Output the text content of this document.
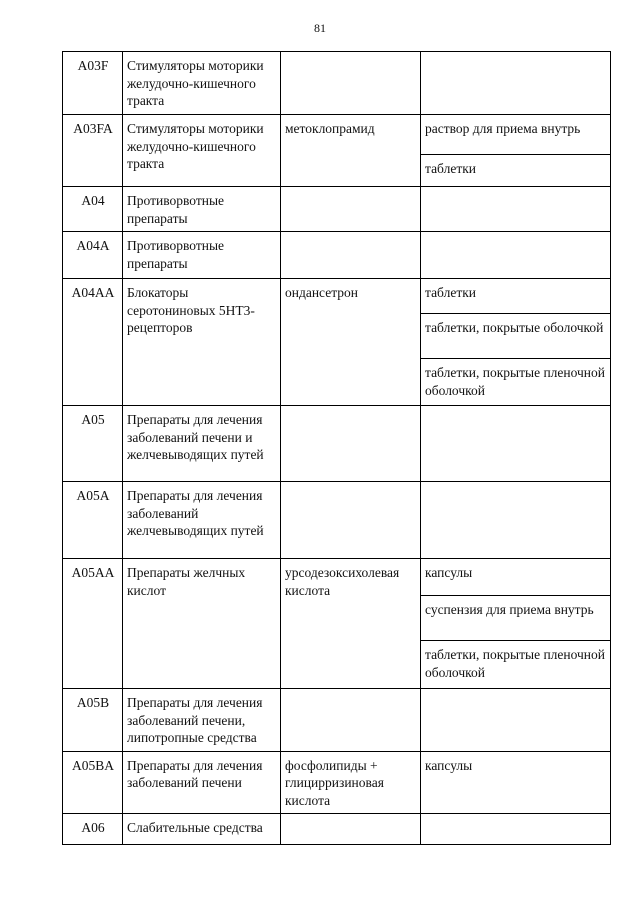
81
A03F	Стимуляторы моторики желудочно-кишечного тракта		
A03FA	Стимуляторы моторики желудочно-кишечного тракта	метоклопрамид	раствор для приема внутрь
			таблетки
A04	Противорвотные препараты		
A04A	Противорвотные препараты		
A04AA	Блокаторы серотониновых 5HT3-рецепторов	ондансетрон	таблетки
			таблетки, покрытые оболочкой
			таблетки, покрытые пленочной оболочкой
A05	Препараты для лечения заболеваний печени и желчевыводящих путей		
A05A	Препараты для лечения заболеваний желчевыводящих путей		
A05AA	Препараты желчных кислот	урсодезоксихолевая кислота	капсулы
			суспензия для приема внутрь
			таблетки, покрытые пленочной оболочкой
A05B	Препараты для лечения заболеваний печени, липотропные средства		
A05BA	Препараты для лечения заболеваний печени	фосфолипиды + глицирризиновая кислота	капсулы
A06	Слабительные средства		
